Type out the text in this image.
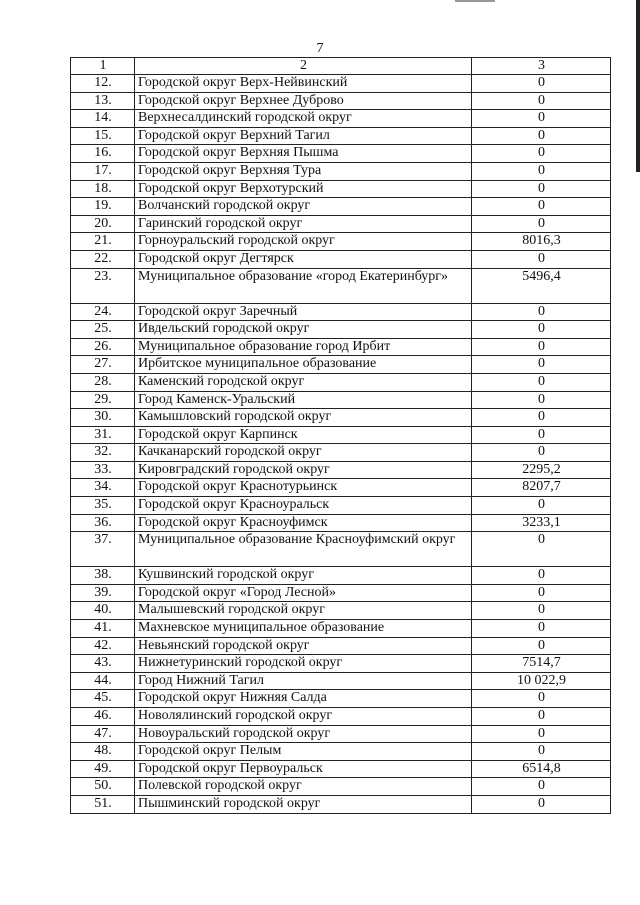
7
1	2	3
12.	Городской округ Верх-Нейвинский	0
13.	Городской округ Верхнее Дуброво	0
14.	Верхнесалдинский городской округ	0
15.	Городской округ Верхний Тагил	0
16.	Городской округ Верхняя Пышма	0
17.	Городской округ Верхняя Тура	0
18.	Городской округ Верхотурский	0
19.	Волчанский городской округ	0
20.	Гаринский городской округ	0
21.	Горноуральский городской округ	8016,3
22.	Городской округ Дегтярск	0
23.	Муниципальное образование «город Екатеринбург»	5496,4
24.	Городской округ Заречный	0
25.	Ивдельский городской округ	0
26.	Муниципальное образование город Ирбит	0
27.	Ирбитское муниципальное образование	0
28.	Каменский городской округ	0
29.	Город Каменск-Уральский	0
30.	Камышловский городской округ	0
31.	Городской округ Карпинск	0
32.	Качканарский городской округ	0
33.	Кировградский городской округ	2295,2
34.	Городской округ Краснотурьинск	8207,7
35.	Городской округ Красноуральск	0
36.	Городской округ Красноуфимск	3233,1
37.	Муниципальное образование Красноуфимский округ	0
38.	Кушвинский городской округ	0
39.	Городской округ «Город Лесной»	0
40.	Малышевский городской округ	0
41.	Махневское муниципальное образование	0
42.	Невьянский городской округ	0
43.	Нижнетуринский городской округ	7514,7
44.	Город Нижний Тагил	10 022,9
45.	Городской округ Нижняя Салда	0
46.	Новолялинский городской округ	0
47.	Новоуральский городской округ	0
48.	Городской округ Пелым	0
49.	Городской округ Первоуральск	6514,8
50.	Полевской городской округ	0
51.	Пышминский городской округ	0
